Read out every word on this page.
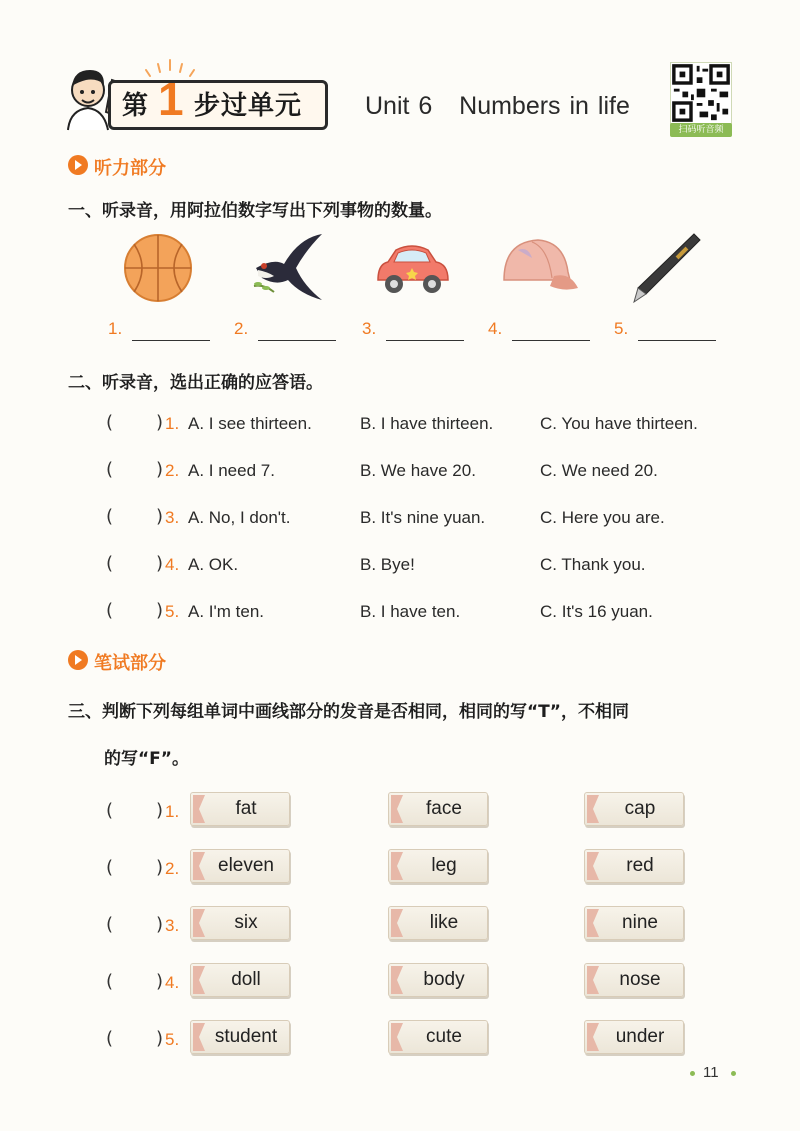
第 1 步过单元	Unit 6   Numbers in life
扫码听音频
听力部分
一、听录音，用阿拉伯数字写出下列事物的数量。
1.	2.	3.	4.	5.
二、听录音，选出正确的应答语。
( ) 1. A. I see thirteen.	B. I have thirteen.	C. You have thirteen.
( ) 2. A. I need 7.	B. We have 20.	C. We need 20.
( ) 3. A. No, I don't.	B. It's nine yuan.	C. Here you are.
( ) 4. A. OK.	B. Bye!	C. Thank you.
( ) 5. A. I'm ten.	B. I have ten.	C. It's 16 yuan.
笔试部分
三、判断下列每组单词中画线部分的发音是否相同，相同的写“T”，不相同
的写“F”。
( ) 1.	fat	face	cap
( ) 2.	eleven	leg	red
( ) 3.	six	like	nine
( ) 4.	doll	body	nose
( ) 5.	student	cute	under
11
